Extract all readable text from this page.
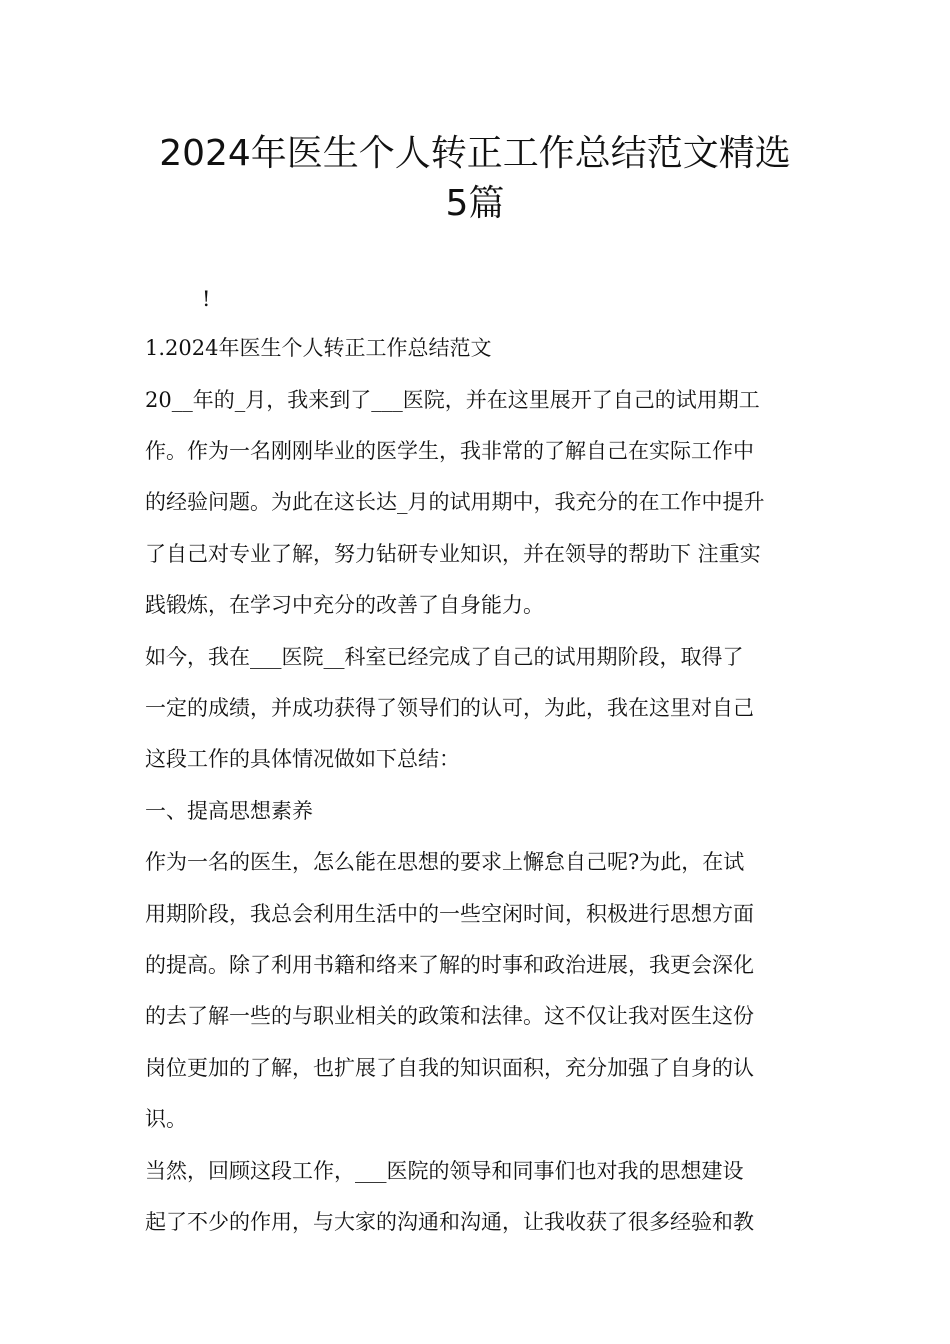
2024年医生个人转正工作总结范文精选
5篇
!

1.2024年医生个人转正工作总结范文

20__年的_月，我来到了___医院，并在这里展开了自己的试用期工

作。作为一名刚刚毕业的医学生，我非常的了解自己在实际工作中

的经验问题。为此在这长达_月的试用期中，我充分的在工作中提升

了自己对专业了解，努力钻研专业知识，并在领导的帮助下 注重实

践锻炼，在学习中充分的改善了自身能力。

如今，我在___医院__科室已经完成了自己的试用期阶段，取得了

一定的成绩，并成功获得了领导们的认可，为此，我在这里对自己

这段工作的具体情况做如下总结：

一、提高思想素养

作为一名的医生，怎么能在思想的要求上懈怠自己呢?为此，在试

用期阶段，我总会利用生活中的一些空闲时间，积极进行思想方面

的提高。除了利用书籍和络来了解的时事和政治进展，我更会深化

的去了解一些的与职业相关的政策和法律。这不仅让我对医生这份

岗位更加的了解，也扩展了自我的知识面积，充分加强了自身的认

识。

当然，回顾这段工作，___医院的领导和同事们也对我的思想建设

起了不少的作用，与大家的沟通和沟通，让我收获了很多经验和教
